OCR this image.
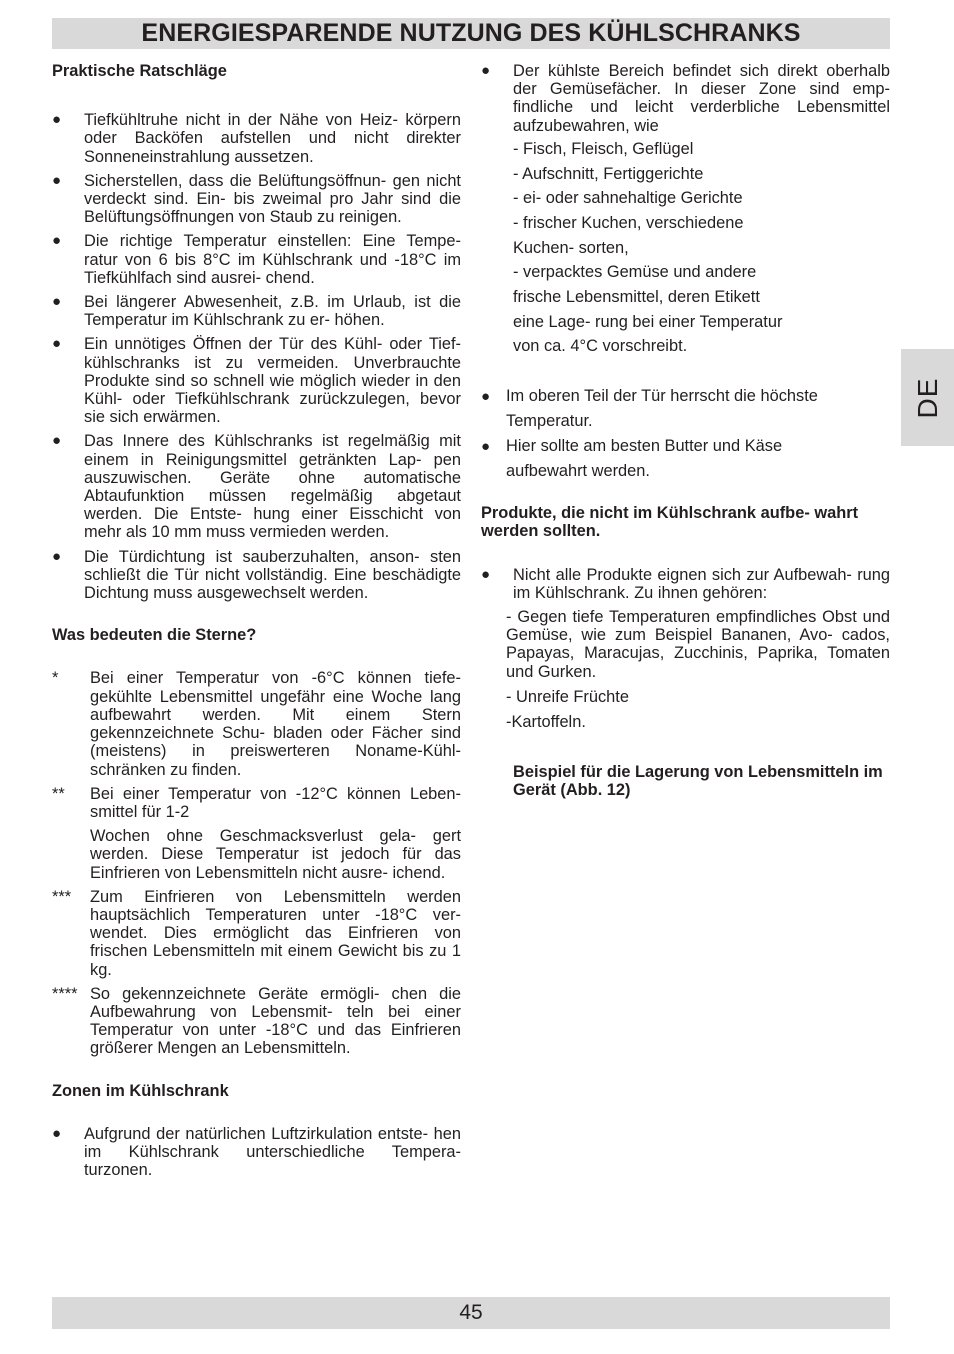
ENERGIESPARENDE NUTZUNG DES KÜHLSCHRANKS
DE
Praktische Ratschläge
● Tiefkühltruhe nicht in der Nähe von Heiz- körpern oder Backöfen aufstellen und nicht direkter Sonneneinstrahlung aussetzen.
● Sicherstellen, dass die Belüftungsöffnun- gen nicht verdeckt sind. Ein- bis zweimal pro Jahr sind die Belüftungsöffnungen von Staub zu reinigen.
● Die richtige Temperatur einstellen: Eine Tempe- ratur von 6 bis 8°C im Kühlschrank und -18°C im Tiefkühlfach sind ausrei- chend.
● Bei längerer Abwesenheit, z.B. im Urlaub, ist die Temperatur im Kühlschrank zu er- höhen.
● Ein unnötiges Öffnen der Tür des Kühl- oder Tief- kühlschranks ist zu vermeiden. Unverbrauchte Produkte sind so schnell wie möglich wieder in den Kühl- oder Tiefkühlschrank zurückzulegen, bevor sie sich erwärmen.
● Das Innere des Kühlschranks ist regelmäßig mit einem in Reinigungsmittel getränkten Lap- pen auszuwischen. Geräte ohne automatische Abtaufunktion müssen regelmäßig abgetaut werden. Die Entste- hung einer Eisschicht von mehr als 10 mm muss vermieden werden.
● Die Türdichtung ist sauberzuhalten, anson- sten schließt die Tür nicht vollständig. Eine beschädigte Dichtung muss ausgewechselt werden.
Was bedeuten die Sterne?
* Bei einer Temperatur von -6°C können tiefe- gekühlte Lebensmittel ungefähr eine Woche lang aufbewahrt werden. Mit einem Stern gekennzeichnete Schu- bladen oder Fächer sind (meistens) in preiswerteren Noname-Kühl- schränken zu finden.
** Bei einer Temperatur von -12°C können Leben- smittel für 1-2
Wochen ohne Geschmacksverlust gela- gert werden. Diese Temperatur ist jedoch für das Einfrieren von Lebensmitteln nicht ausre- ichend.
*** Zum Einfrieren von Lebensmitteln werden hauptsächlich Temperaturen unter -18°C ver- wendet. Dies ermöglicht das Einfrieren von frischen Lebensmitteln mit einem Gewicht bis zu 1 kg.
**** So gekennzeichnete Geräte ermögli- chen die Aufbewahrung von Lebensmit- teln bei einer Temperatur von unter -18°C und das Einfrieren größerer Mengen an Lebensmitteln.
Zonen im Kühlschrank
● Aufgrund der natürlichen Luftzirkulation entste- hen im Kühlschrank unterschiedliche Tempera- turzonen.
● Der kühlste Bereich befindet sich direkt oberhalb der Gemüsefächer. In dieser Zone sind emp- findliche und leicht verderbliche Lebensmittel aufzubewahren, wie
- Fisch, Fleisch, Geflügel
- Aufschnitt, Fertiggerichte
- ei- oder sahnehaltige Gerichte
- frischer Kuchen, verschiedene
Kuchen- sorten,
- verpacktes Gemüse und andere
frische Lebensmittel, deren Etikett
eine Lage- rung bei einer Temperatur
von ca. 4°C vorschreibt.
● Im oberen Teil der Tür herrscht die höchste
Temperatur.
● Hier sollte am besten Butter und Käse
aufbewahrt werden.
Produkte, die nicht im Kühlschrank aufbe- wahrt werden sollten.
● Nicht alle Produkte eignen sich zur Aufbewah- rung im Kühlschrank. Zu ihnen gehören:
- Gegen tiefe Temperaturen empfindliches Obst und Gemüse, wie zum Beispiel Bananen, Avo- cados, Papayas, Maracujas, Zucchinis, Paprika, Tomaten und Gurken.
- Unreife Früchte
-Kartoffeln.
Beispiel für die Lagerung von Lebensmitteln im Gerät (Abb. 12)
45
